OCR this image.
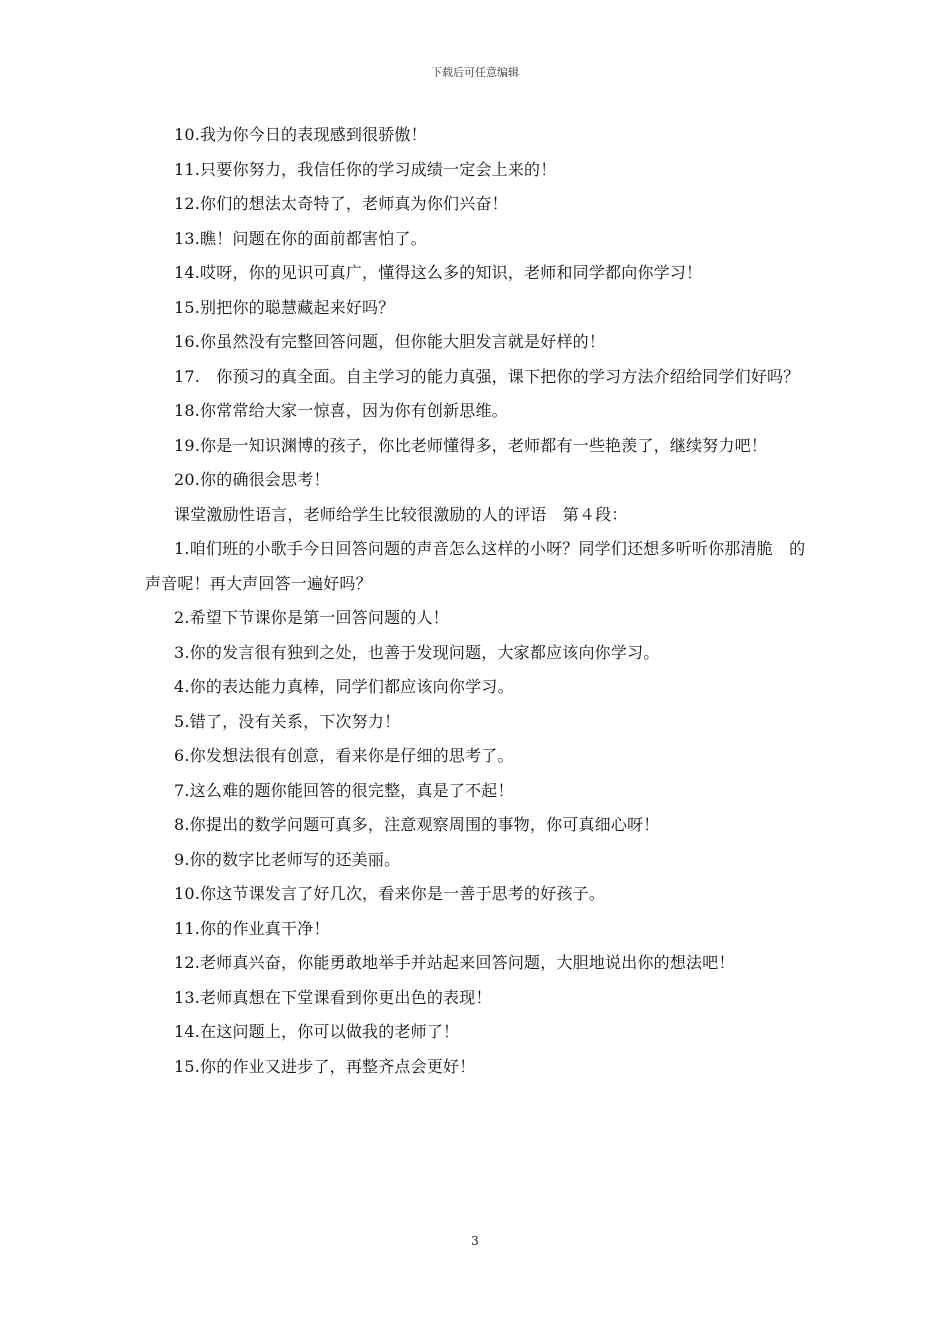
下载后可任意编辑

10.我为你今日的表现感到很骄傲！

11.只要你努力，我信任你的学习成绩一定会上来的！

12.你们的想法太奇特了，老师真为你们兴奋！

13.瞧！问题在你的面前都害怕了。

14.哎呀，你的见识可真广，懂得这么多的知识，老师和同学都向你学习！

15.别把你的聪慧藏起来好吗？

16.你虽然没有完整回答问题，但你能大胆发言就是好样的！

17.　你预习的真全面。自主学习的能力真强，课下把你的学习方法介绍给同学们好吗？

18.你常常给大家一惊喜，因为你有创新思维。

19.你是一知识渊博的孩子，你比老师懂得多，老师都有一些艳羡了，继续努力吧！

20.你的确很会思考！

课堂激励性语言，老师给学生比较很激励的人的评语　第４段：

1.咱们班的小歌手今日回答问题的声音怎么这样的小呀？同学们还想多听听你那清脆　的声音呢！再大声回答一遍好吗？

2.希望下节课你是第一回答问题的人！

3.你的发言很有独到之处，也善于发现问题，大家都应该向你学习。

4.你的表达能力真棒，同学们都应该向你学习。

5.错了，没有关系，下次努力！

6.你发想法很有创意，看来你是仔细的思考了。

7.这么难的题你能回答的很完整，真是了不起！

8.你提出的数学问题可真多，注意观察周围的事物，你可真细心呀！

9.你的数字比老师写的还美丽。

10.你这节课发言了好几次，看来你是一善于思考的好孩子。

11.你的作业真干净！

12.老师真兴奋，你能勇敢地举手并站起来回答问题，大胆地说出你的想法吧！

13.老师真想在下堂课看到你更出色的表现！

14.在这问题上，你可以做我的老师了！

15.你的作业又进步了，再整齐点会更好！

3
